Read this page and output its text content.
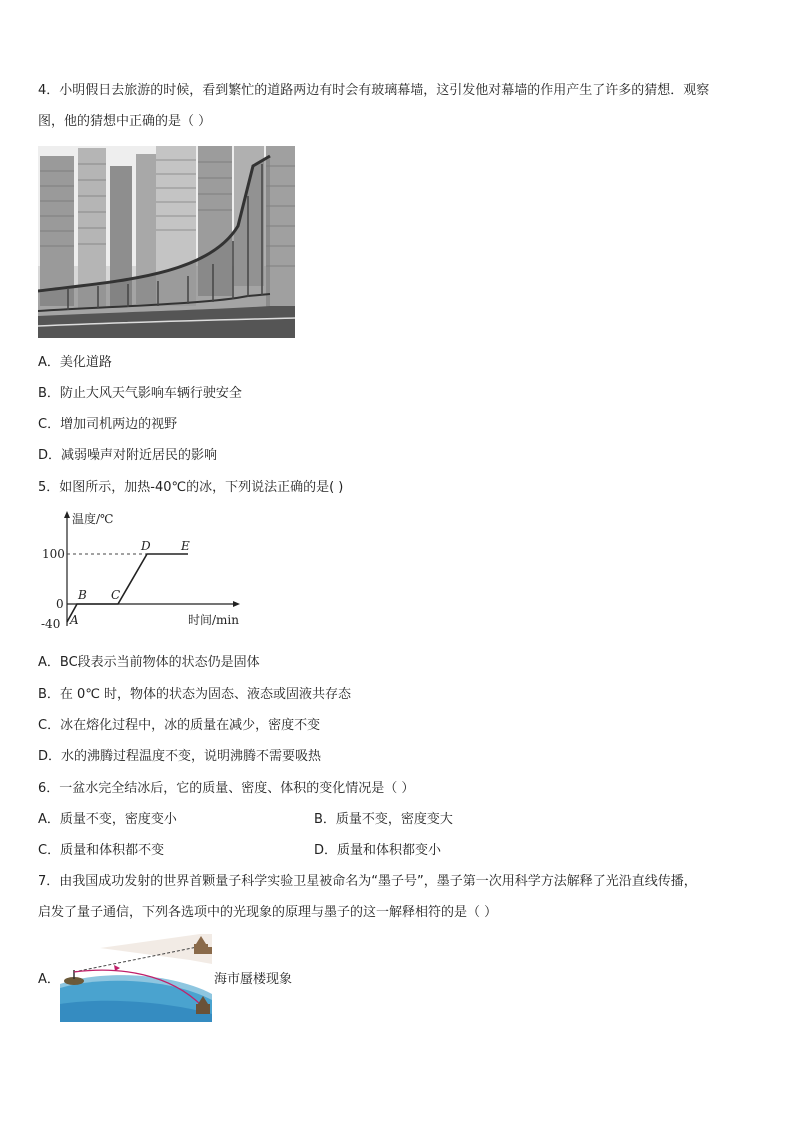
4．小明假日去旅游的时候，看到繁忙的道路两边有时会有玻璃幕墙，这引发他对幕墙的作用产生了许多的猜想．观察
图，他的猜想中正确的是（ ）
A．美化道路
B．防止大风天气影响车辆行驶安全
C．增加司机两边的视野
D．减弱噪声对附近居民的影响
5．如图所示，加热-40℃的冰，下列说法正确的是( )
温度/℃
时间/min
100
0
-40 A
B C
D	E
A．BC段表示当前物体的状态仍是固体
B．在 0℃ 时，物体的状态为固态、液态或固液共存态
C．冰在熔化过程中，冰的质量在减少，密度不变
D．水的沸腾过程温度不变，说明沸腾不需要吸热
6．一盆水完全结冰后，它的质量、密度、体积的变化情况是（ ）
A．质量不变，密度变小	B．质量不变，密度变大
C．质量和体积都不变	D．质量和体积都变小
7．由我国成功发射的世界首颗量子科学实验卫星被命名为“墨子号”，墨子第一次用科学方法解释了光沿直线传播，
启发了量子通信，下列各选项中的光现象的原理与墨子的这一解释相符的是（ ）
A．	海市蜃楼现象
